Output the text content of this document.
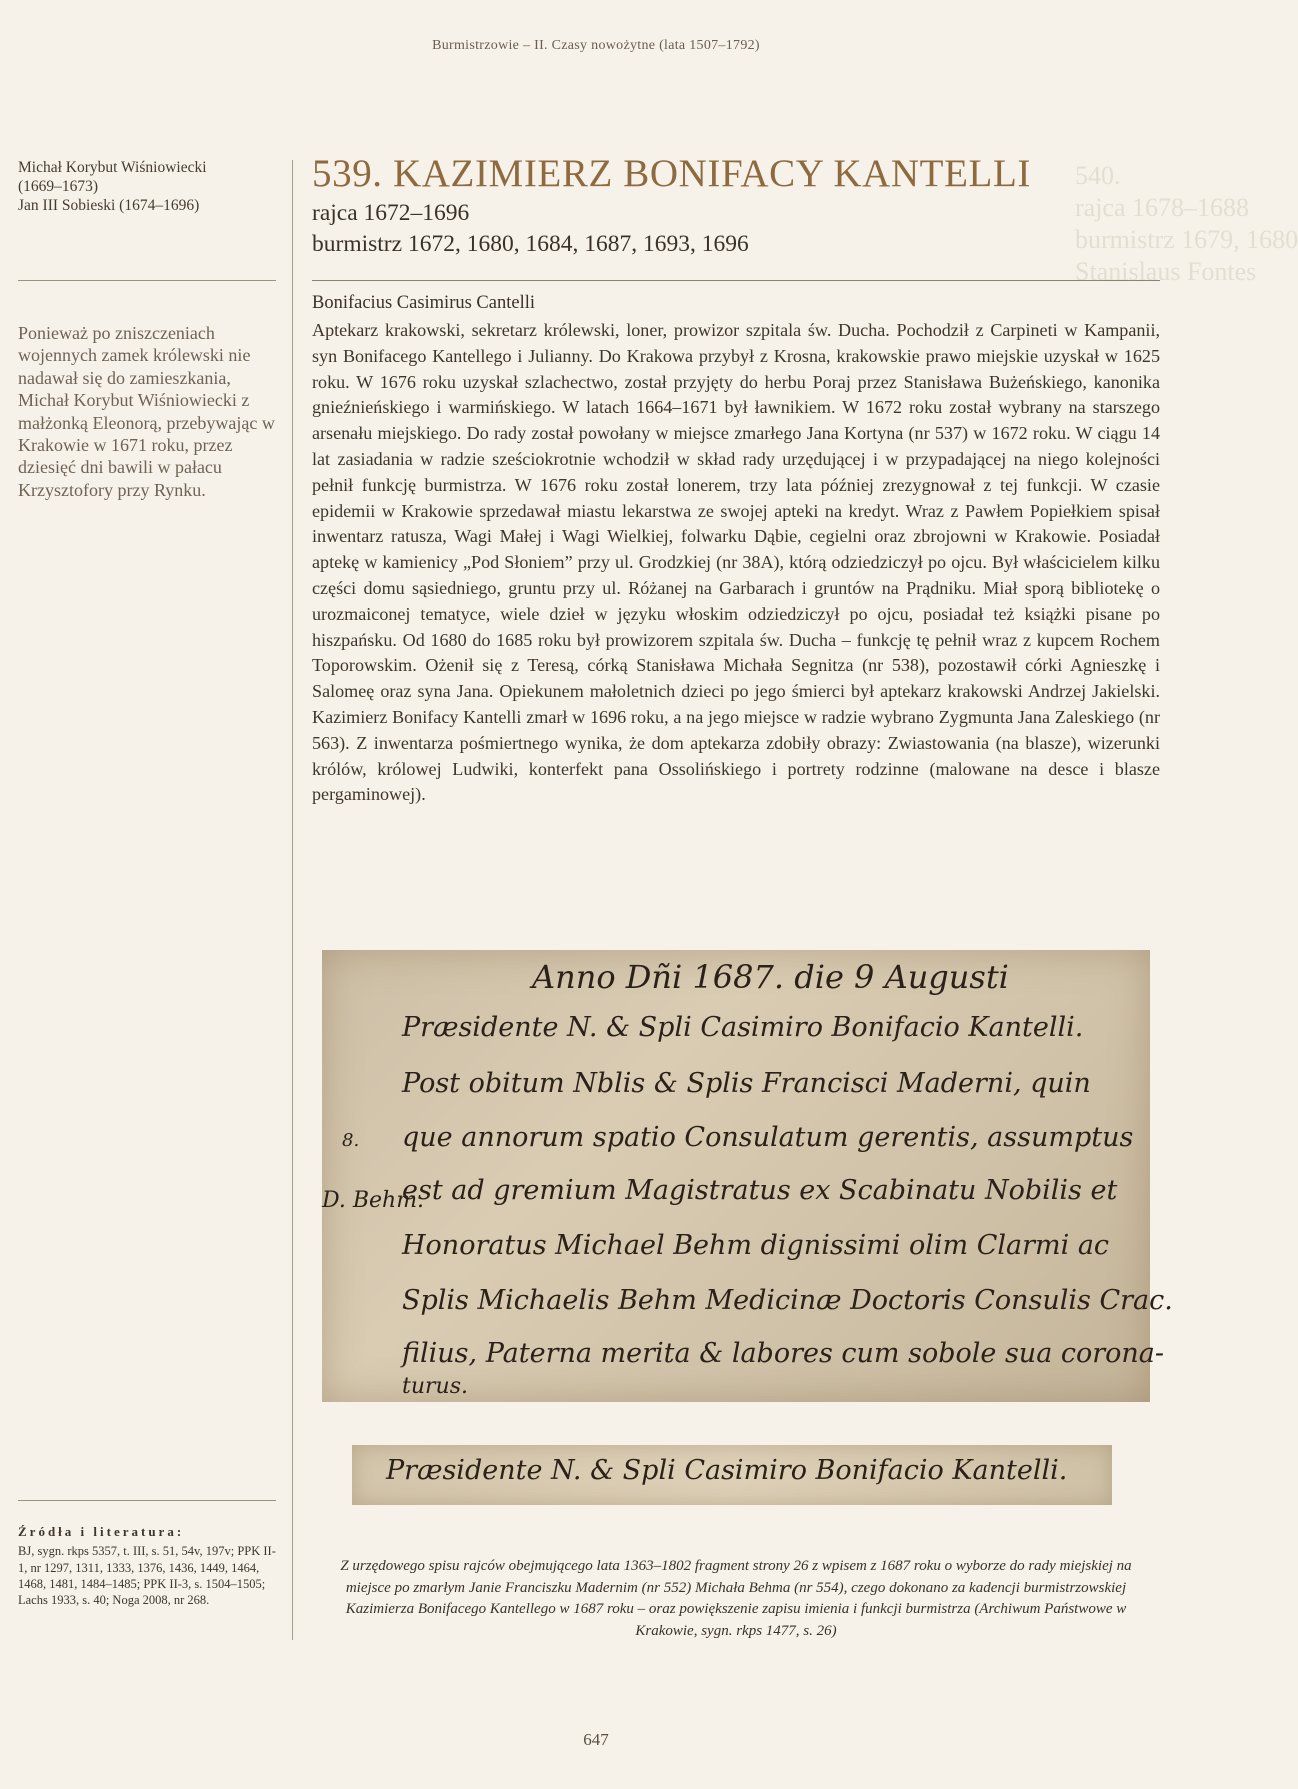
Burmistrzowie – II. Czasy nowożytne (lata 1507–1792)
Michał Korybut Wiśniowiecki
(1669–1673)
Jan III Sobieski (1674–1696)
Ponieważ po zniszczeniach wojennych zamek królewski nie nadawał się do zamieszkania, Michał Korybut Wiśniowiecki z małżonką Eleonorą, przebywając w Krakowie w 1671 roku, przez dziesięć dni bawili w pałacu Krzysztofory przy Rynku.
Źródła i literatura:
BJ, sygn. rkps 5357, t. III, s. 51, 54v, 197v; PPK II-1, nr 1297, 1311, 1333, 1376, 1436, 1449, 1464, 1468, 1481, 1484–1485; PPK II-3, s. 1504–1505; Lachs 1933, s. 40; Noga 2008, nr 268.
539. KAZIMIERZ BONIFACY KANTELLI
rajca 1672–1696
burmistrz 1672, 1680, 1684, 1687, 1693, 1696
Bonifacius Casimirus Cantelli
Aptekarz krakowski, sekretarz królewski, loner, prowizor szpitala św. Ducha. Pochodził z Carpineti w Kampanii, syn Bonifacego Kantellego i Julianny. Do Krakowa przybył z Krosna, krakowskie prawo miejskie uzyskał w 1625 roku. W 1676 roku uzyskał szlachectwo, został przyjęty do herbu Poraj przez Stanisława Bużeńskiego, kanonika gnieźnieńskiego i warmińskiego. W latach 1664–1671 był ławnikiem. W 1672 roku został wybrany na starszego arsenału miejskiego. Do rady został powołany w miejsce zmarłego Jana Kortyna (nr 537) w 1672 roku. W ciągu 14 lat zasiadania w radzie sześciokrotnie wchodził w skład rady urzędującej i w przypadającej na niego kolejności pełnił funkcję burmistrza. W 1676 roku został lonerem, trzy lata później zrezygnował z tej funkcji. W czasie epidemii w Krakowie sprzedawał miastu lekarstwa ze swojej apteki na kredyt. Wraz z Pawłem Popiełkiem spisał inwentarz ratusza, Wagi Małej i Wagi Wielkiej, folwarku Dąbie, cegielni oraz zbrojowni w Krakowie. Posiadał aptekę w kamienicy „Pod Słoniem” przy ul. Grodzkiej (nr 38A), którą odziedziczył po ojcu. Był właścicielem kilku części domu sąsiedniego, gruntu przy ul. Różanej na Garbarach i gruntów na Prądniku. Miał sporą bibliotekę o urozmaiconej tematyce, wiele dzieł w języku włoskim odziedziczył po ojcu, posiadał też książki pisane po hiszpańsku. Od 1680 do 1685 roku był prowizorem szpitala św. Ducha – funkcję tę pełnił wraz z kupcem Rochem Toporowskim. Ożenił się z Teresą, córką Stanisława Michała Segnitza (nr 538), pozostawił córki Agnieszkę i Salomeę oraz syna Jana. Opiekunem małoletnich dzieci po jego śmierci był aptekarz krakowski Andrzej Jakielski. Kazimierz Bonifacy Kantelli zmarł w 1696 roku, a na jego miejsce w radzie wybrano Zygmunta Jana Zaleskiego (nr 563). Z inwentarza pośmiertnego wynika, że dom aptekarza zdobiły obrazy: Zwiastowania (na blasze), wizerunki królów, królowej Ludwiki, konterfekt pana Ossolińskiego i portrety rodzinne (malowane na desce i blasze pergaminowej).
540.
rajca 1678–1688
burmistrz 1679, 1680
Stanislaus Fontes
Anno Dñi 1687. die 9 Augusti
Præsidente N. & Spli Casimiro Bonifacio Kantelli.
Post obitum Nblis & Splis Francisci Maderni, quin
8. que annorum spatio Consulatum gerentis, assumptus
D. Behm.
est ad gremium Magistratus ex Scabinatu Nobilis et
Honoratus Michael Behm dignissimi olim Clarmi ac
Splis Michaelis Behm Medicinæ Doctoris Consulis Crac.
filius, Paterna merita & labores cum sobole sua corona-
turus.
Præsidente N. & Spli Casimiro Bonifacio Kantelli.
Z urzędowego spisu rajców obejmującego lata 1363–1802 fragment strony 26 z wpisem z 1687 roku o wyborze do rady miejskiej na miejsce po zmarłym Janie Franciszku Madernim (nr 552) Michała Behma (nr 554), czego dokonano za kadencji burmistrzowskiej Kazimierza Bonifacego Kantellego w 1687 roku – oraz powiększenie zapisu imienia i funkcji burmistrza (Archiwum Państwowe w Krakowie, sygn. rkps 1477, s. 26)
647
